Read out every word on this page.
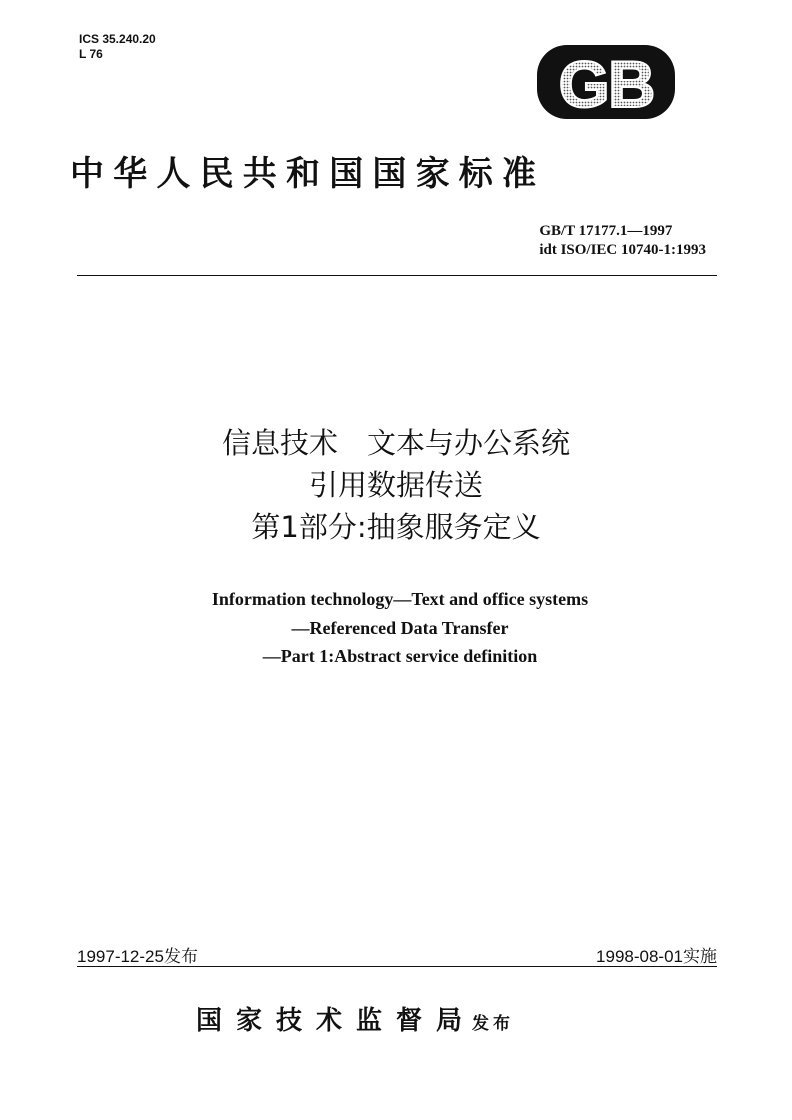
ICS 35.240.20
L 76	GB
中华人民共和国国家标准
GB/T 17177.1—1997
idt ISO/IEC 10740-1:1993
信息技术　文本与办公系统
引用数据传送
第1部分:抽象服务定义
Information technology—Text and office systems
—Referenced Data Transfer
—Part 1:Abstract service definition
1997-12-25发布	1998-08-01实施
国家技术监督局发布
